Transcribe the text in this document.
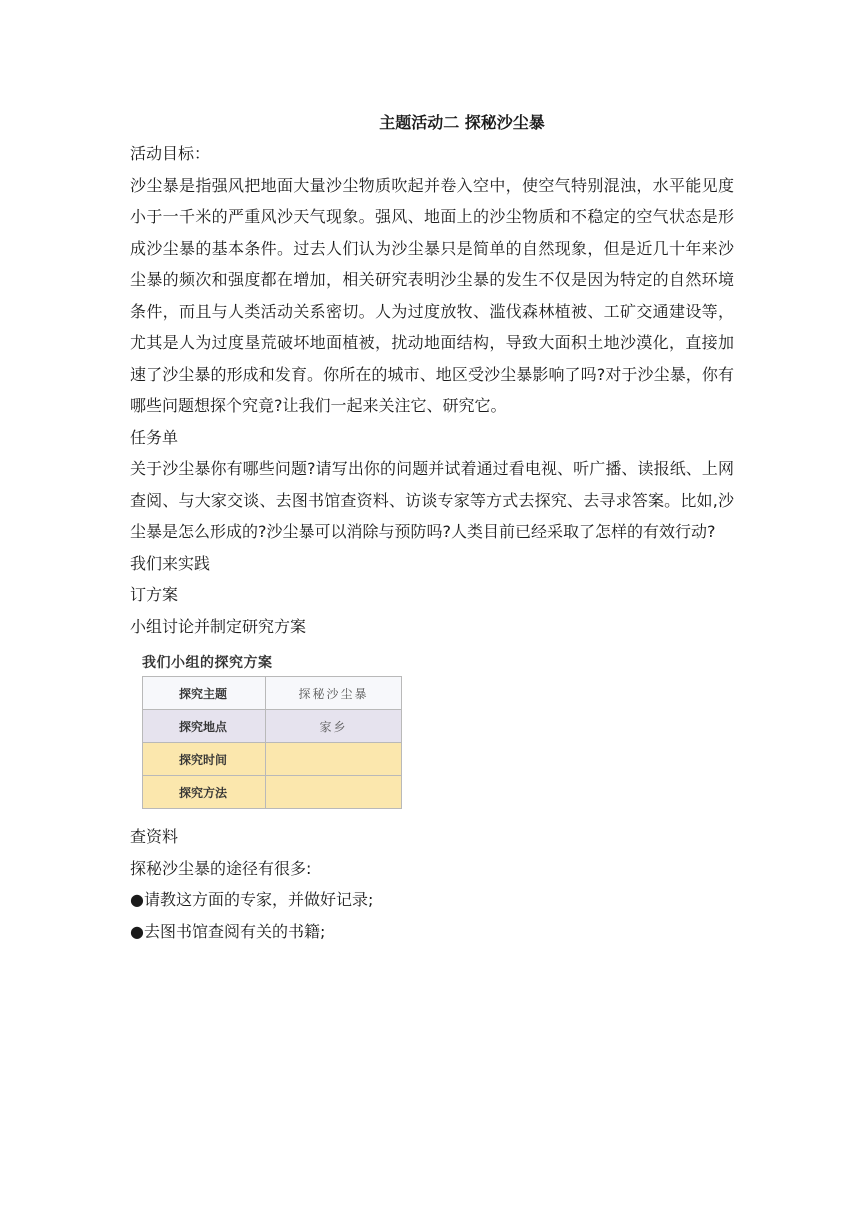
主题活动二 探秘沙尘暴
活动目标：

沙尘暴是指强风把地面大量沙尘物质吹起并卷入空中，使空气特别混浊，水平能见度小于一千米的严重风沙天气现象。强风、地面上的沙尘物质和不稳定的空气状态是形成沙尘暴的基本条件。过去人们认为沙尘暴只是简单的自然现象，但是近几十年来沙尘暴的频次和强度都在增加，相关研究表明沙尘暴的发生不仅是因为特定的自然环境条件，而且与人类活动关系密切。人为过度放牧、滥伐森林植被、工矿交通建设等，尤其是人为过度垦荒破坏地面植被，扰动地面结构，导致大面积土地沙漠化，直接加速了沙尘暴的形成和发育。你所在的城市、地区受沙尘暴影响了吗?对于沙尘暴，你有哪些问题想探个究竟?让我们一起来关注它、研究它。

任务单

关于沙尘暴你有哪些问题?请写出你的问题并试着通过看电视、听广播、读报纸、上网查阅、与大家交谈、去图书馆查资料、访谈专家等方式去探究、去寻求答案。比如,沙尘暴是怎么形成的?沙尘暴可以消除与预防吗?人类目前已经采取了怎样的有效行动?

我们来实践
订方案
小组讨论并制定研究方案
我们小组的探究方案
探究主题	探秘沙尘暴
探究地点	家乡
探究时间	
探究方法	
查资料
探秘沙尘暴的途径有很多:
●请教这方面的专家，并做好记录;
●去图书馆查阅有关的书籍;
